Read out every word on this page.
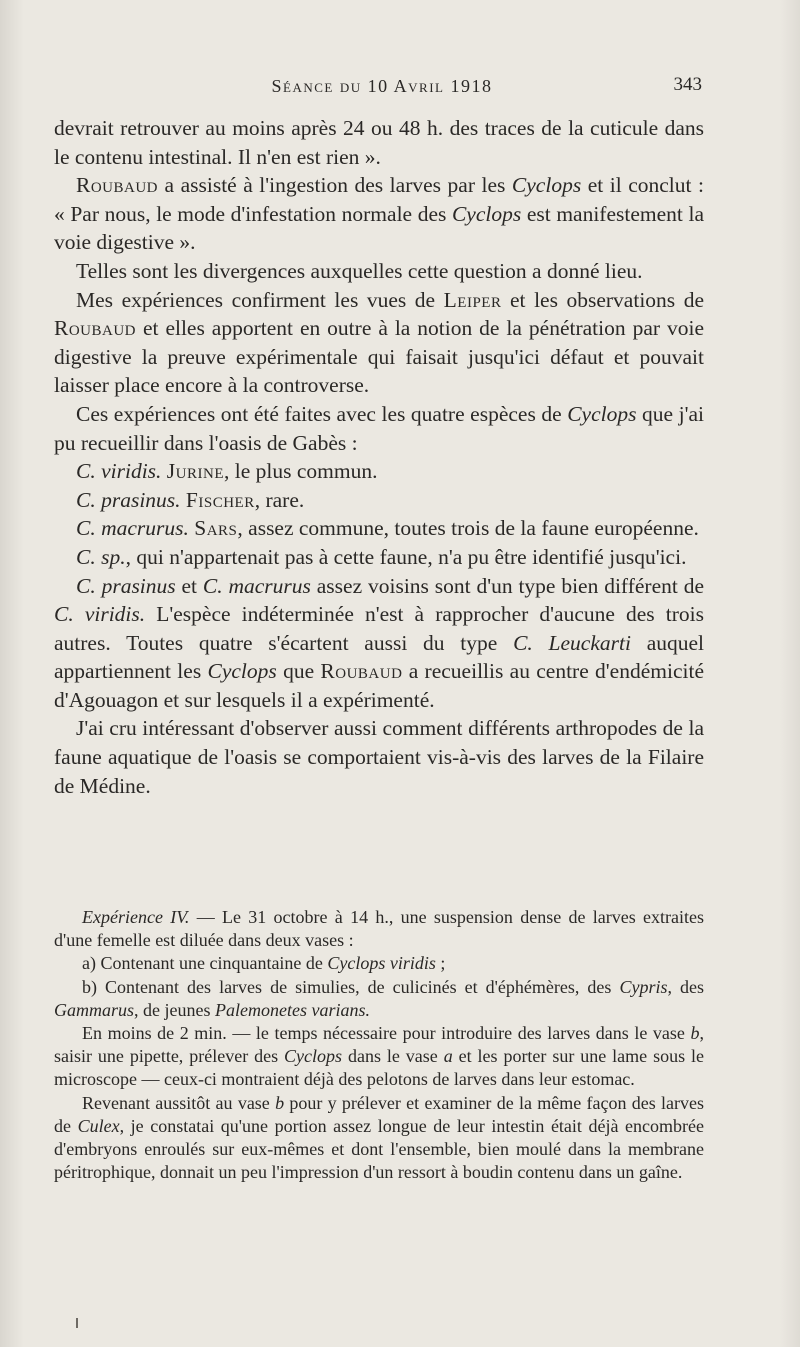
Séance du 10 Avril 1918	343

devrait retrouver au moins après 24 ou 48 h. des traces de la cuticule dans le contenu intestinal. Il n'en est rien ».

Roubaud a assisté à l'ingestion des larves par les Cyclops et il conclut : « Par nous, le mode d'infestation normale des Cyclops est manifestement la voie digestive ».

Telles sont les divergences auxquelles cette question a donné lieu.

Mes expériences confirment les vues de Leiper et les observations de Roubaud et elles apportent en outre à la notion de la pénétration par voie digestive la preuve expérimentale qui faisait jusqu'ici défaut et pouvait laisser place encore à la controverse.

Ces expériences ont été faites avec les quatre espèces de Cyclops que j'ai pu recueillir dans l'oasis de Gabès :

C. viridis. Jurine, le plus commun.

C. prasinus. Fischer, rare.

C. macrurus. Sars, assez commune, toutes trois de la faune européenne.

C. sp., qui n'appartenait pas à cette faune, n'a pu être identifié jusqu'ici.

C. prasinus et C. macrurus assez voisins sont d'un type bien différent de C. viridis. L'espèce indéterminée n'est à rapprocher d'aucune des trois autres. Toutes quatre s'écartent aussi du type C. Leuckarti auquel appartiennent les Cyclops que Roubaud a recueillis au centre d'endémicité d'Agouagon et sur lesquels il a expérimenté.

J'ai cru intéressant d'observer aussi comment différents arthropodes de la faune aquatique de l'oasis se comportaient vis-à-vis des larves de la Filaire de Médine.

Expérience IV. — Le 31 octobre à 14 h., une suspension dense de larves extraites d'une femelle est diluée dans deux vases :

a) Contenant une cinquantaine de Cyclops viridis ;

b) Contenant des larves de simulies, de culicinés et d'éphémères, des Cypris, des Gammarus, de jeunes Palemonetes varians.

En moins de 2 min. — le temps nécessaire pour introduire des larves dans le vase b, saisir une pipette, prélever des Cyclops dans le vase a et les porter sur une lame sous le microscope — ceux-ci montraient déjà des pelotons de larves dans leur estomac.

Revenant aussitôt au vase b pour y prélever et examiner de la même façon des larves de Culex, je constatai qu'une portion assez longue de leur intestin était déjà encombrée d'embryons enroulés sur eux-mêmes et dont l'ensemble, bien moulé dans la membrane péritrophique, donnait un peu l'impression d'un ressort à boudin contenu dans un gaîne.
